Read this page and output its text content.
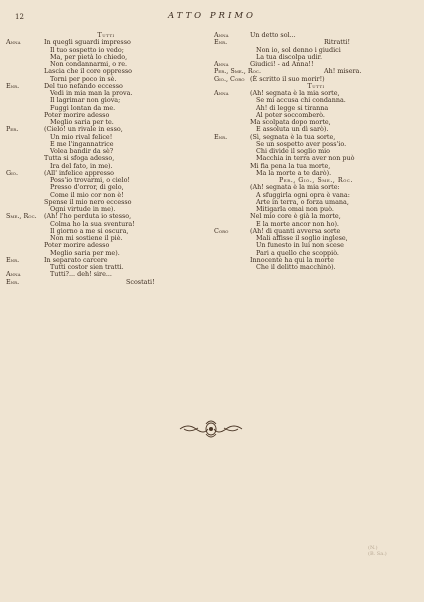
12	ATTO PRIMO
Tutti
Anna	In quegli sguardi impresso
Il tuo sospetto io vedo;
Ma, per pietà lo chiedo,
Non condannarmi, o re.
Lascia che il core oppresso
Torni per poco in sè.
Enr.	Del tuo nefando eccesso
Vedi in mia man la prova.
Il lagrimar non giova;
Fuggi lontan da me.
Poter morire adesso
Meglio saria per te.
Per.	(Cielo! un rivale in esso,
Un mio rival felice!
E me l'ingannatrice
Volea bandir da sè?
Tutta si sfoga adesso,
Ira del fato, in me).
Gio.	(All' infelice appresso
Poss'io trovarmi, o cielo!
Presso d'orror, di gelo,
Come il mio cor non è!
Spense il mio nero eccesso
Ogni virtude in me).
Sme., Roc. (Ah! l'ho perduta io stesso,
Colma ho la sua sventura!
Il giorno a me si oscura,
Non mi sostiene il piè.
Poter morire adesso
Meglio saria per me).
Enr.	In separato carcere
Tutti costor sien tratti.
Anna	Tutti?... deh! sire...
Enr.	Scostati!
Anna	Un detto sol...
Enr.	Ritratti!
Non io, sol denno i giudici
La tua discolpa udir.
Anna	Giudici! - ad Anna!!
Per., Sme., Roc.	Ah! misera.
Gio., Coro (È scritto il suo morir!)
Tutti
Anna	(Ah! segnata è la mia sorte,
Se mi accusa chi condanna.
Ah! di legge si tiranna
Al poter soccomberò.
Ma scolpata dopo morte,
E assoluta un dì sarò).
Enr.	(Sì, segnata è la tua sorte,
Se un sospetto aver poss'io.
Chi divide il soglio mio
Macchia in terra aver non può
Mi fia pena la tua morte,
Ma la morte a te darò).
Per., Gio., Sme., Roc.
(Ah! segnata è la mia sorte:
A sfuggirla ogni opra è vana:
Arte in terra, o forza umana,
Mitigarla omai non può.
Nel mio core è già la morte,
E la morte ancor non ho).
Coro	(Ah! di quanti avversa sorte
Mali affisse il soglio inglese,
Un funesto in lui non scese
Pari a quello che scoppiò.
Innocente ha qui la morte
Che il delitto macchinò).
(N.)
(B. Sa.)
